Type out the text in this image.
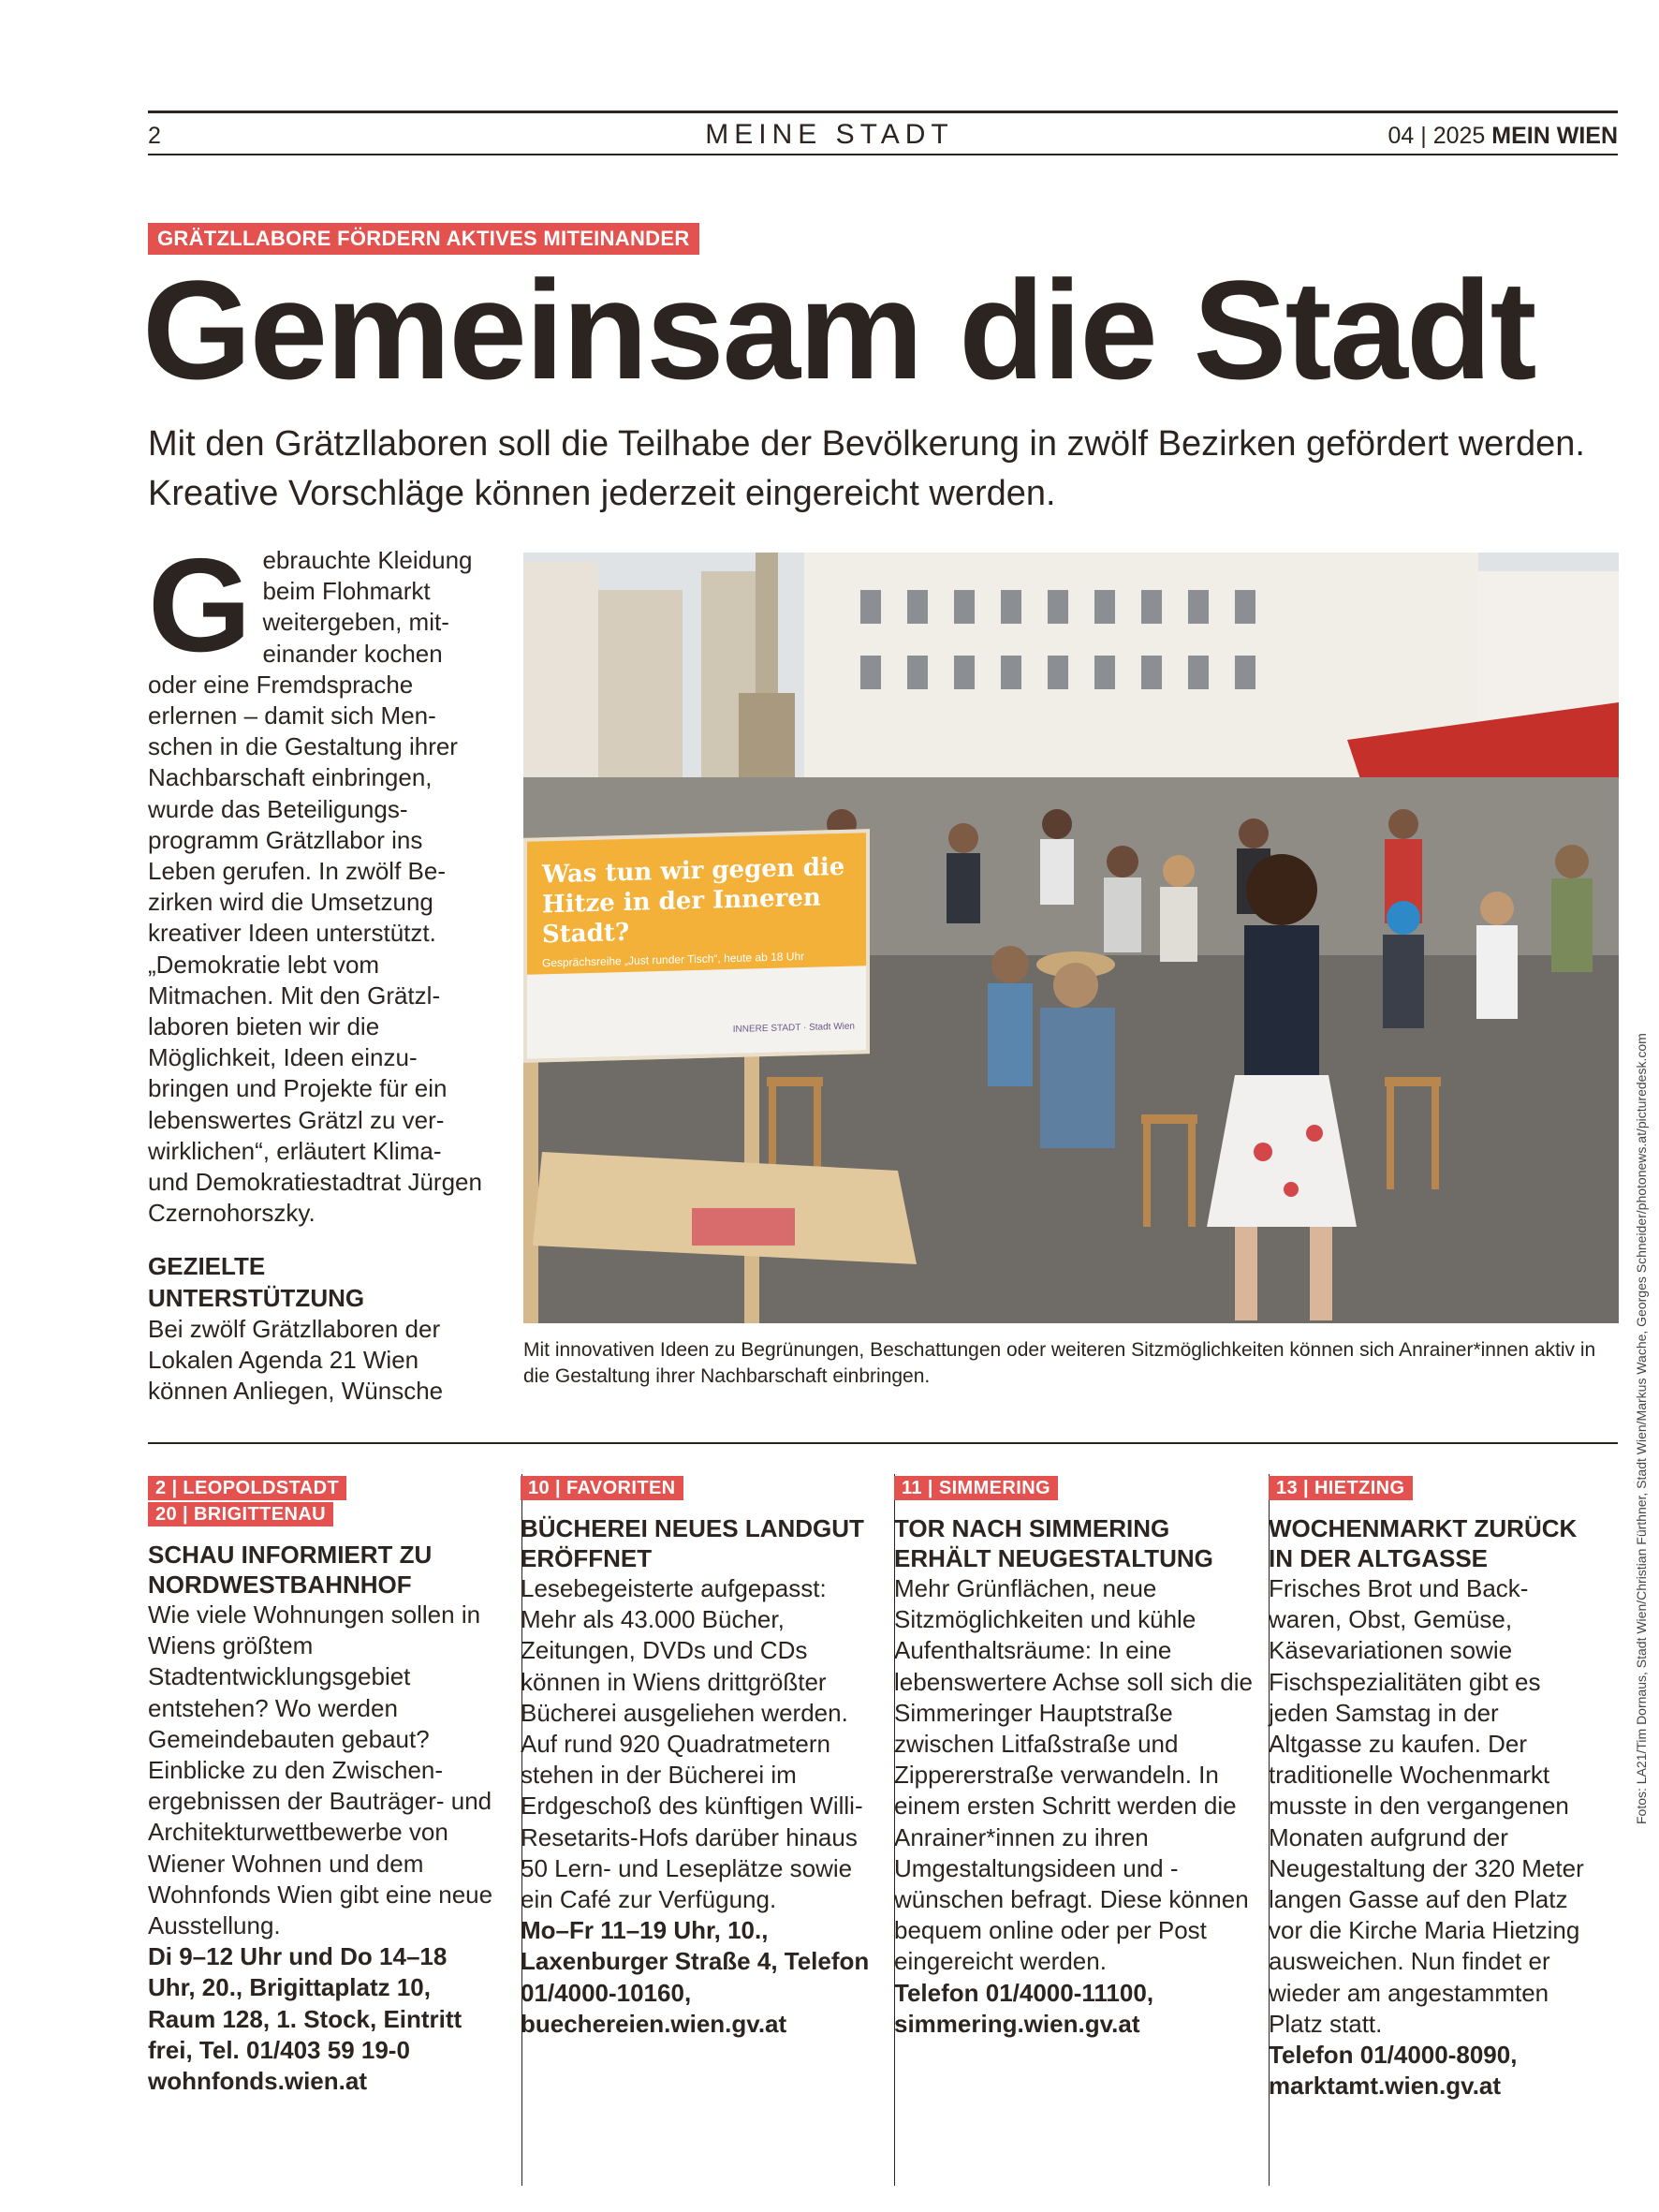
2	MEINE STADT	04 | 2025 MEIN WIEN
GRÄTZLLABORE FÖRDERN AKTIVES MITEINANDER
Gemeinsam die Stadt

Mit den Grätzllaboren soll die Teilhabe der Bevölkerung in zwölf Bezirken gefördert werden. Kreative Vorschläge können jederzeit eingereicht werden.

Gebrauchte Kleidung beim Flohmarkt weitergeben, miteinander kochen oder eine Fremdsprache erlernen – damit sich Menschen in die Gestaltung ihrer Nachbarschaft einbringen, wurde das Beteiligungsprogramm Grätzllabor ins Leben gerufen. In zwölf Bezirken wird die Umsetzung kreativer Ideen unterstützt. „Demokratie lebt vom Mitmachen. Mit den Grätzllaboren bieten wir die Möglichkeit, Ideen einzubringen und Projekte für ein lebenswertes Grätzl zu verwirklichen“, erläutert Klima- und Demokratiestadtrat Jürgen Czernohorszky.
GEZIELTE UNTERSTÜTZUNG
Bei zwölf Grätzllaboren der Lokalen Agenda 21 Wien können Anliegen, Wünsche
Was tun wir gegen die Hitze in der Inneren Stadt?
Gesprächsreihe „Just runder Tisch“, heute ab 18 Uhr
INNERE STADT · Stadt Wien

Mit innovativen Ideen zu Begrünungen, Beschattungen oder weiteren Sitzmöglichkeiten können sich Anrainer*innen aktiv in die Gestaltung ihrer Nachbarschaft einbringen.	Fotos: LA21/Tim Dornaus, Stadt Wien/Christian Fürthner, Stadt Wien/Markus Wache, Georges Schneider/photonews.at/picturedesk.com
2 | LEOPOLDSTADT
20 | BRIGITTENAU
SCHAU INFORMIERT ZU NORDWESTBAHNHOF
Wie viele Wohnungen sollen in Wiens größtem Stadtentwicklungsgebiet entstehen? Wo werden Gemeindebauten gebaut? Einblicke zu den Zwischenergebnissen der Bauträger- und Architekturwettbewerbe von Wiener Wohnen und dem Wohnfonds Wien gibt eine neue Ausstellung.
Di 9–12 Uhr und Do 14–18 Uhr, 20., Brigittaplatz 10, Raum 128, 1. Stock, Eintritt frei, Tel. 01/403 59 19-0 wohnfonds.wien.at
10 | FAVORITEN
BÜCHEREI NEUES LANDGUT ERÖFFNET
Lesebegeisterte aufgepasst: Mehr als 43.000 Bücher, Zeitungen, DVDs und CDs können in Wiens drittgrößter Bücherei ausgeliehen werden. Auf rund 920 Quadratmetern stehen in der Bücherei im Erdgeschoß des künftigen Willi-Resetarits-Hofs darüber hinaus 50 Lern- und Leseplätze sowie ein Café zur Verfügung.
Mo–Fr 11–19 Uhr, 10., Laxenburger Straße 4, Telefon 01/4000-10160, buechereien.wien.gv.at
11 | SIMMERING
TOR NACH SIMMERING ERHÄLT NEUGESTALTUNG
Mehr Grünflächen, neue Sitzmöglichkeiten und kühle Aufenthaltsräume: In eine lebenswertere Achse soll sich die Simmeringer Hauptstraße zwischen Litfaßstraße und Zippererstraße verwandeln. In einem ersten Schritt werden die Anrainer*innen zu ihren Umgestaltungsideen und -wünschen befragt. Diese können bequem online oder per Post eingereicht werden.
Telefon 01/4000-11100, simmering.wien.gv.at
13 | HIETZING
WOCHENMARKT ZURÜCK IN DER ALTGASSE
Frisches Brot und Backwaren, Obst, Gemüse, Käsevariationen sowie Fischspezialitäten gibt es jeden Samstag in der Altgasse zu kaufen. Der traditionelle Wochenmarkt musste in den vergangenen Monaten aufgrund der Neugestaltung der 320 Meter langen Gasse auf den Platz vor die Kirche Maria Hietzing ausweichen. Nun findet er wieder am angestammten Platz statt.
Telefon 01/4000-8090, marktamt.wien.gv.at
